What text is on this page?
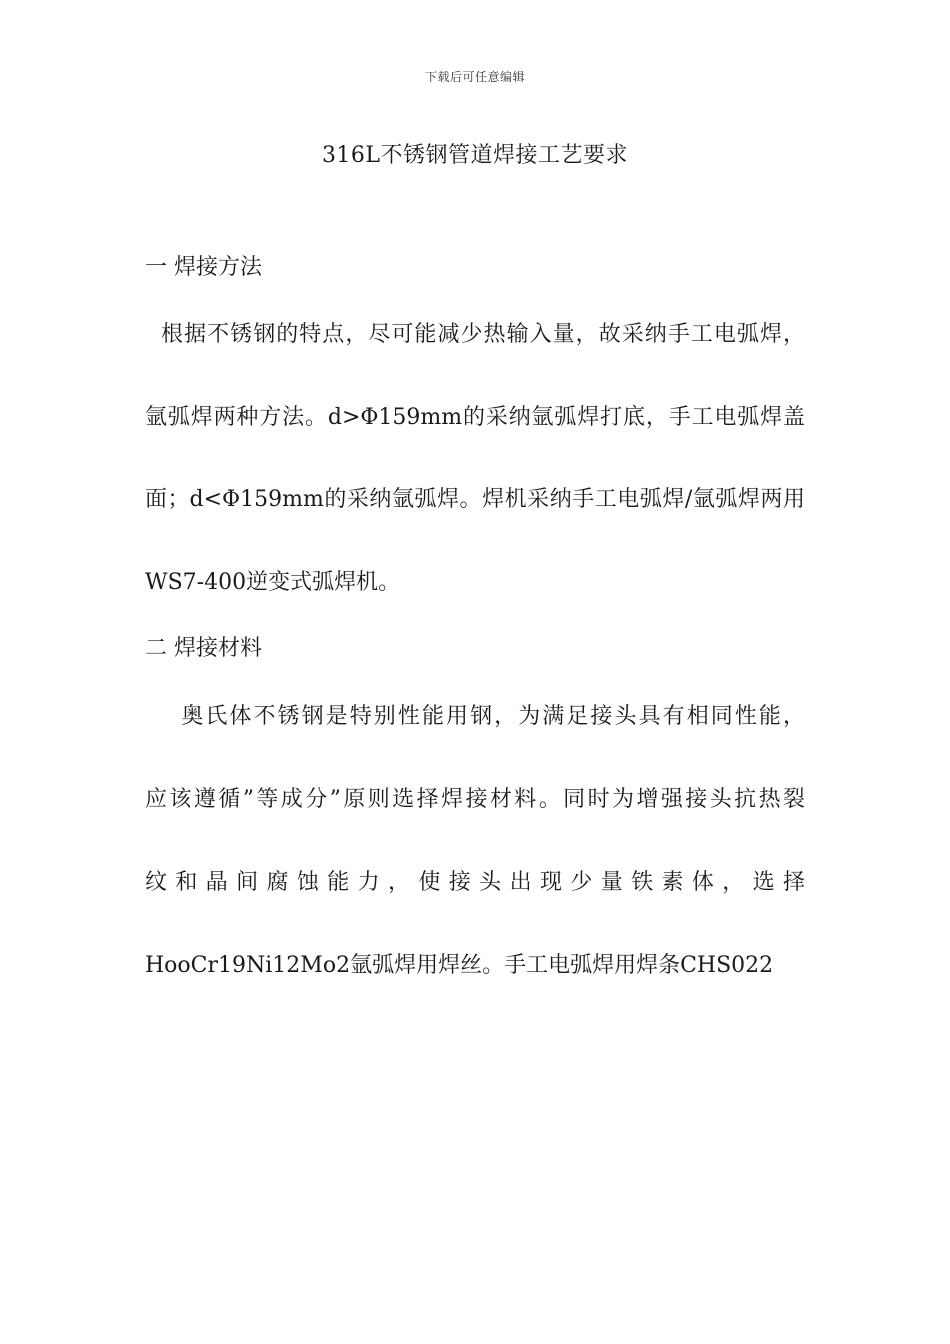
下载后可任意编辑
316L不锈钢管道焊接工艺要求
一 焊接方法
根据不锈钢的特点，尽可能减少热输入量，故采纳手工电弧焊，
氩弧焊两种方法。d>Φ159mm的采纳氩弧焊打底，手工电弧焊盖
面；d<Φ159mm的采纳氩弧焊。焊机采纳手工电弧焊/氩弧焊两用
WS7-400逆变式弧焊机。
二 焊接材料
奥氏体不锈钢是特别性能用钢，为满足接头具有相同性能，
应该遵循”等成分”原则选择焊接材料。同时为增强接头抗热裂
纹和晶间腐蚀能力，使接头出现少量铁素体，选择
HooCr19Ni12Mo2氩弧焊用焊丝。手工电弧焊用焊条CHS022
